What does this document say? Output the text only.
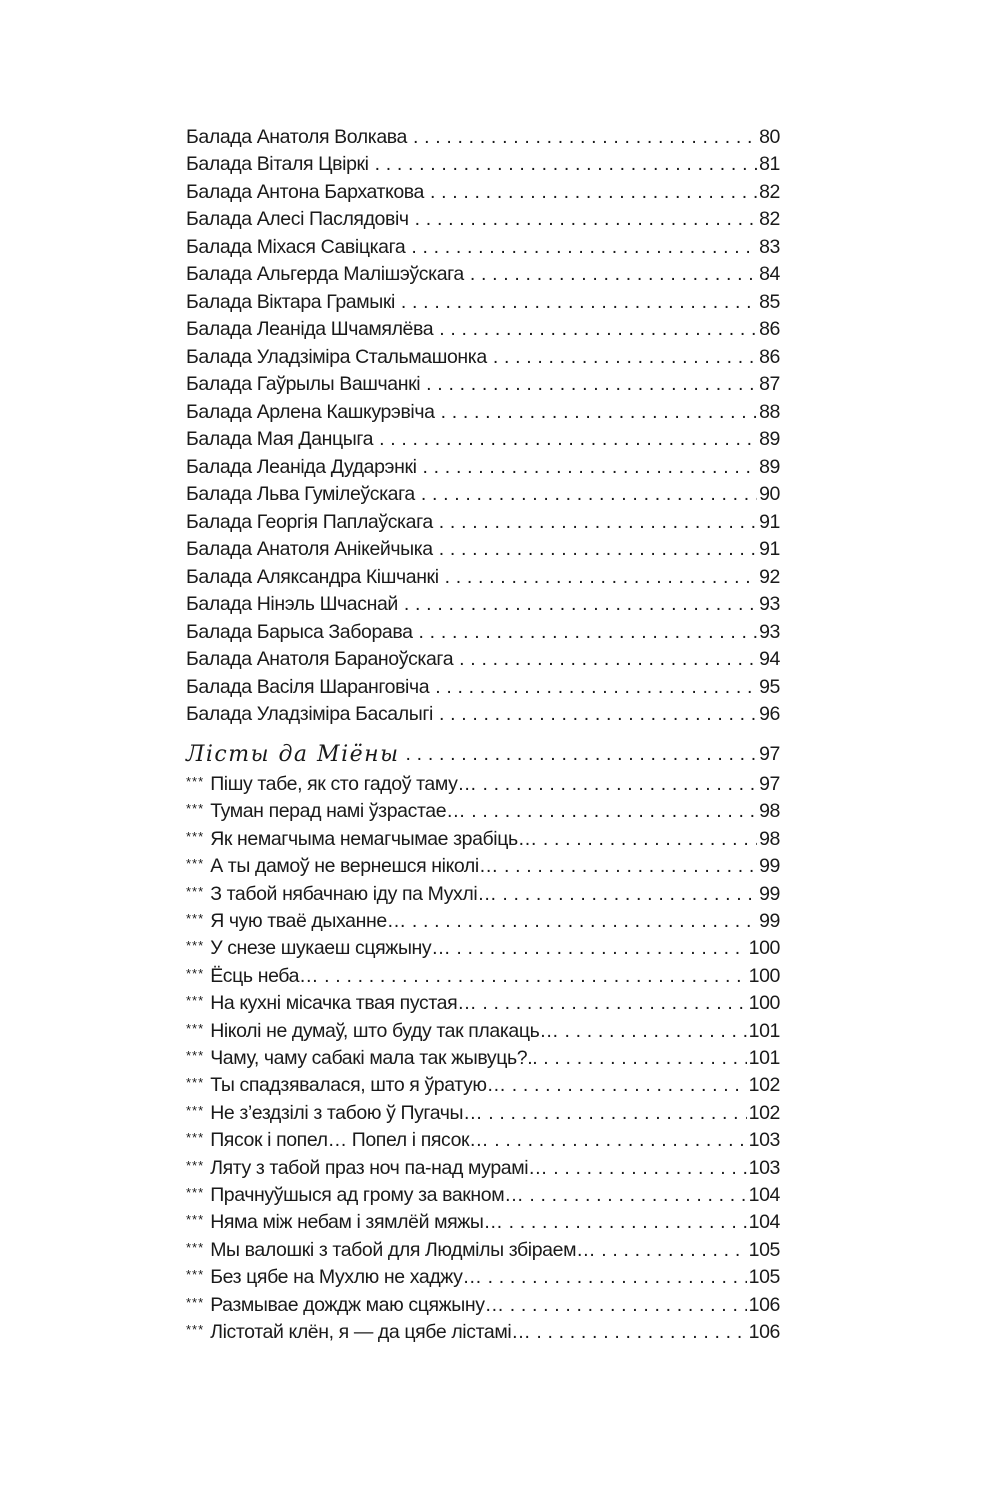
Балада Анатоля Волкава . . .	80
Балада Віталя Цвіркі . . .	81
Балада Антона Бархаткова . . .	82
Балада Алесі Паслядовіч . . .	82
Балада Міхася Савіцкага . . .	83
Балада Альгерда Малішэўскага . . .	84
Балада Віктара Грамыкі . . .	85
Балада Леаніда Шчамялёва . . .	86
Балада Уладзіміра Стальмашонка . . .	86
Балада Гаўрылы Вашчанкі . . .	87
Балада Арлена Кашкурэвіча . . .	88
Балада Мая Данцыга . . .	89
Балада Леаніда Дударэнкі . . .	89
Балада Льва Гумілеўскага . . .	90
Балада Георгія Паплаўскага . . .	91
Балада Анатоля Анікейчыка . . .	91
Балада Аляксандра Кішчанкі . . .	92
Балада Нінэль Шчаснай . . .	93
Балада Барыса Заборава . . .	93
Балада Анатоля Бараноўскага . . .	94
Балада Васіля Шаранговіча . . .	95
Балада Уладзіміра Басалыгі . . .	96
Лісты да Міёны . . .	97
*** Пішу табе, як сто гадоў таму… . . .	97
*** Туман перад намі ўзрастае… . . .	98
*** Як немагчыма немагчымае зрабіць… . . .	98
*** А ты дамоў не вернешся ніколі… . . .	99
*** З табой нябачнаю іду па Мухлі… . . .	99
*** Я чую тваё дыханне… . . .	99
*** У снезе шукаеш сцяжыну… . . .	100
*** Ёсць неба… . . .	100
*** На кухні місачка твая пустая… . . .	100
*** Ніколі не думаў, што буду так плакаць… . . .	101
*** Чаму, чаму сабакі мала так жывуць?.. . . .	101
*** Ты спадзявалася, што я ўратую… . . .	102
*** Не з’ездзілі з табою ў Пугачы… . . .	102
*** Пясок і попел… Попел і пясок… . . .	103
*** Ляту з табой праз ноч па-над мурамі… . . .	103
*** Прачнуўшыся ад грому за вакном… . . .	104
*** Няма між небам і зямлёй мяжы… . . .	104
*** Мы валошкі з табой для Людмілы збіраем… . . .	105
*** Без цябе на Мухлю не хаджу… . . .	105
*** Размывае дождж маю сцяжыну… . . .	106
*** Лістотай клён, я — да цябе лістамі… . . .	106
